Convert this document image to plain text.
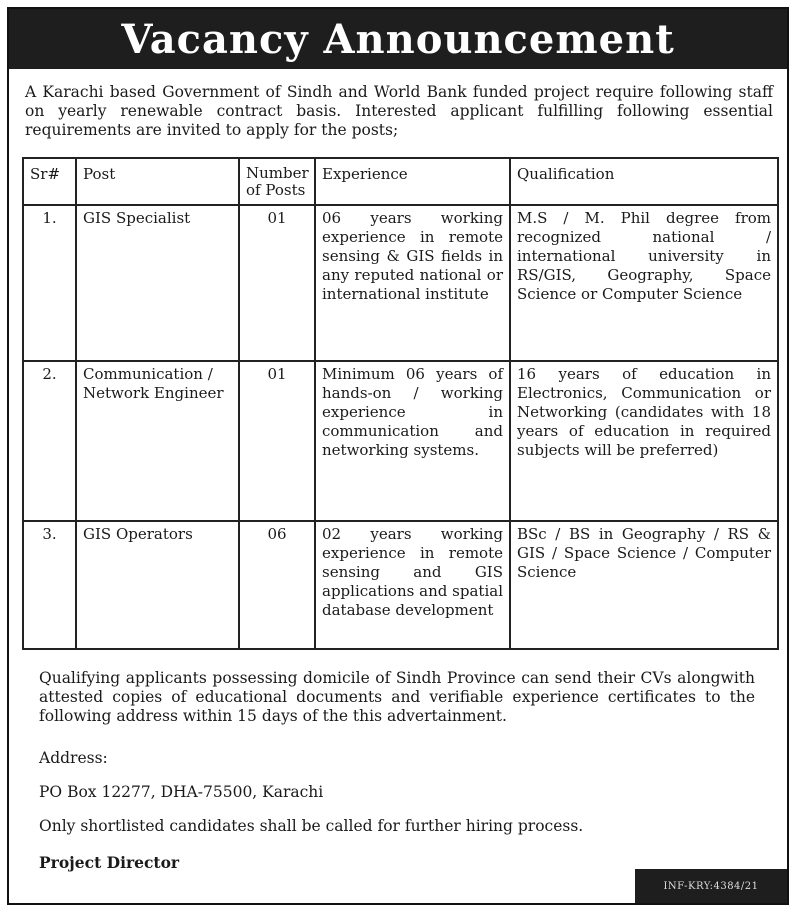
Vacancy Announcement
A Karachi based Government of Sindh and World Bank funded project require following staff on yearly renewable contract basis. Interested applicant fulfilling following essential requirements are invited to apply for the posts;
Sr#	Post	Number of Posts	Experience	Qualification
1.	GIS Specialist	01	06 years working experience in remote sensing & GIS fields in any reputed national or international institute	M.S / M. Phil degree from recognized national / international university in RS/GIS, Geography, Space Science or Computer Science
2.	Communication / Network Engineer	01	Minimum 06 years of hands-on / working experience in communication and networking systems.	16 years of education in Electronics, Communication or Networking (candidates with 18 years of education in required subjects will be preferred)
3.	GIS Operators	06	02 years working experience in remote sensing and GIS applications and spatial database development	BSc / BS in Geography / RS & GIS / Space Science / Computer Science
Qualifying applicants possessing domicile of Sindh Province can send their CVs alongwith attested copies of educational documents and verifiable experience certificates to the following address within 15 days of the this advertainment.
Address:
PO Box 12277, DHA-75500, Karachi
Only shortlisted candidates shall be called for further hiring process.
Project Director
INF-KRY:4384/21
